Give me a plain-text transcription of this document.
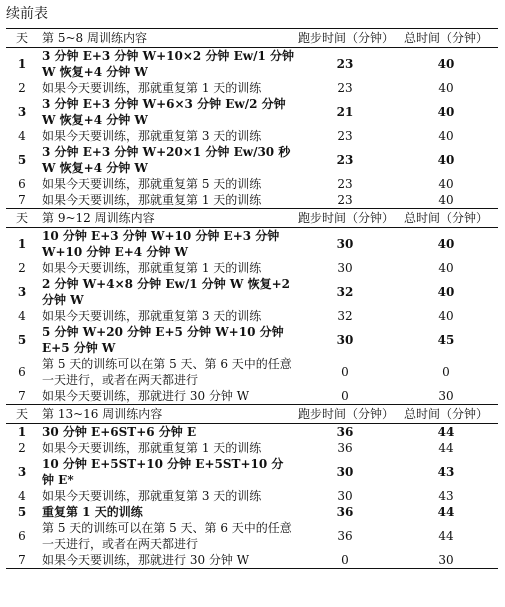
续前表
天	第 5~8 周训练内容	跑步时间（分钟）	总时间（分钟）
1	3 分钟 E+3 分钟 W+10×2 分钟 Ew/1 分钟 W 恢复+4 分钟 W	23	40
2	如果今天要训练，那就重复第 1 天的训练	23	40
3	3 分钟 E+3 分钟 W+6×3 分钟 Ew/2 分钟 W 恢复+4 分钟 W	21	40
4	如果今天要训练，那就重复第 3 天的训练	23	40
5	3 分钟 E+3 分钟 W+20×1 分钟 Ew/30 秒 W 恢复+4 分钟 W	23	40
6	如果今天要训练，那就重复第 5 天的训练	23	40
7	如果今天要训练，那就重复第 1 天的训练	23	40
天	第 9~12 周训练内容	跑步时间（分钟）	总时间（分钟）
1	10 分钟 E+3 分钟 W+10 分钟 E+3 分钟 W+10 分钟 E+4 分钟 W	30	40
2	如果今天要训练，那就重复第 1 天的训练	30	40
3	2 分钟 W+4×8 分钟 Ew/1 分钟 W 恢复+2 分钟 W	32	40
4	如果今天要训练，那就重复第 3 天的训练	32	40
5	5 分钟 W+20 分钟 E+5 分钟 W+10 分钟 E+5 分钟 W	30	45
6	第 5 天的训练可以在第 5 天、第 6 天中的任意一天进行，或者在两天都进行	0	0
7	如果今天要训练，那就进行 30 分钟 W	0	30
天	第 13~16 周训练内容	跑步时间（分钟）	总时间（分钟）
1	30 分钟 E+6ST+6 分钟 E	36	44
2	如果今天要训练，那就重复第 1 天的训练	36	44
3	10 分钟 E+5ST+10 分钟 E+5ST+10 分钟 E*	30	43
4	如果今天要训练，那就重复第 3 天的训练	30	43
5	重复第 1 天的训练	36	44
6	第 5 天的训练可以在第 5 天、第 6 天中的任意一天进行，或者在两天都进行	36	44
7	如果今天要训练，那就进行 30 分钟 W	0	30
